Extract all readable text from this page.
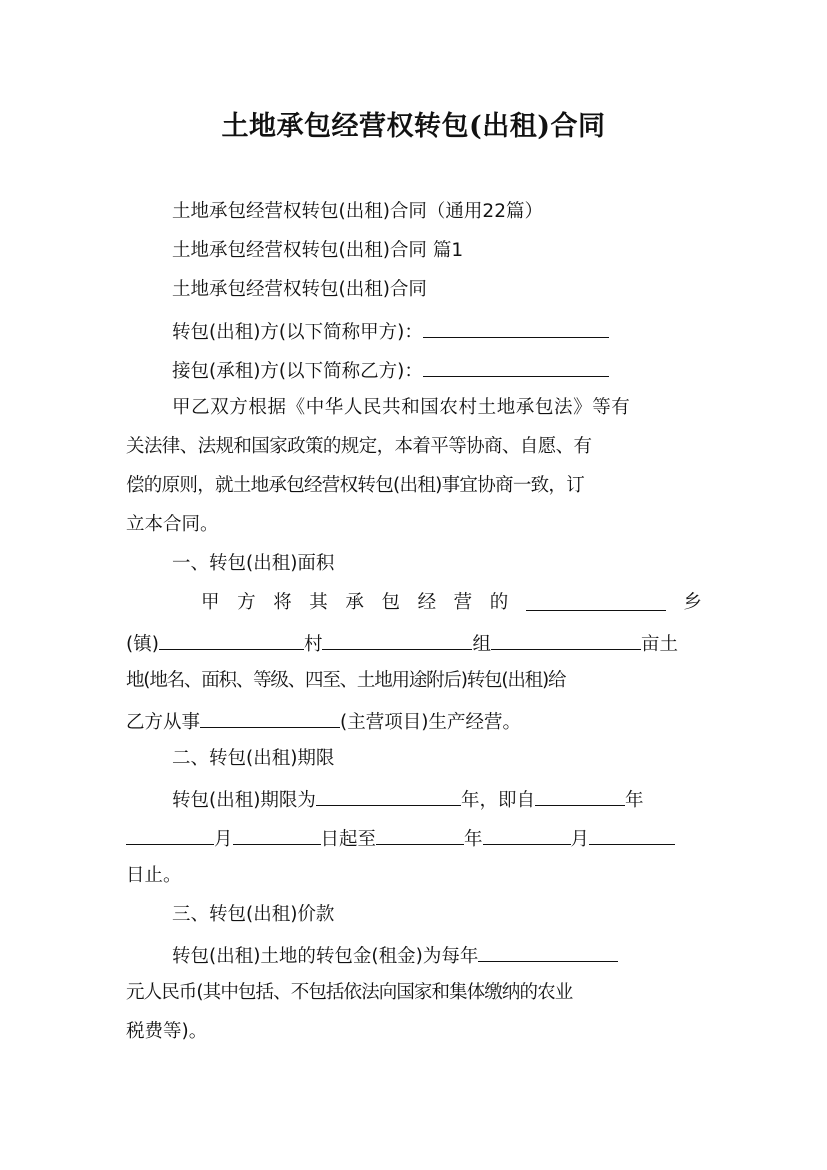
土地承包经营权转包(出租)合同
土地承包经营权转包(出租)合同（通用22篇）
土地承包经营权转包(出租)合同 篇1
土地承包经营权转包(出租)合同
转包(出租)方(以下简称甲方)：
接包(承租)方(以下简称乙方)：
甲乙双方根据《中华人民共和国农村土地承包法》等有
关法律、法规和国家政策的规定，本着平等协商、自愿、有
偿的原则，就土地承包经营权转包(出租)事宜协商一致，订
立本合同。
一、转包(出租)面积
甲 方 将 其 承 包 经 营 的	乡
(镇)	村	组	亩土
地(地名、面积、等级、四至、土地用途附后)转包(出租)给
乙方从事	(主营项目)生产经营。
二、转包(出租)期限
转包(出租)期限为	年，即自	年
月	日起至	年	月
日止。
三、转包(出租)价款
转包(出租)土地的转包金(租金)为每年
元人民币(其中包括、不包括依法向国家和集体缴纳的农业
税费等)。
